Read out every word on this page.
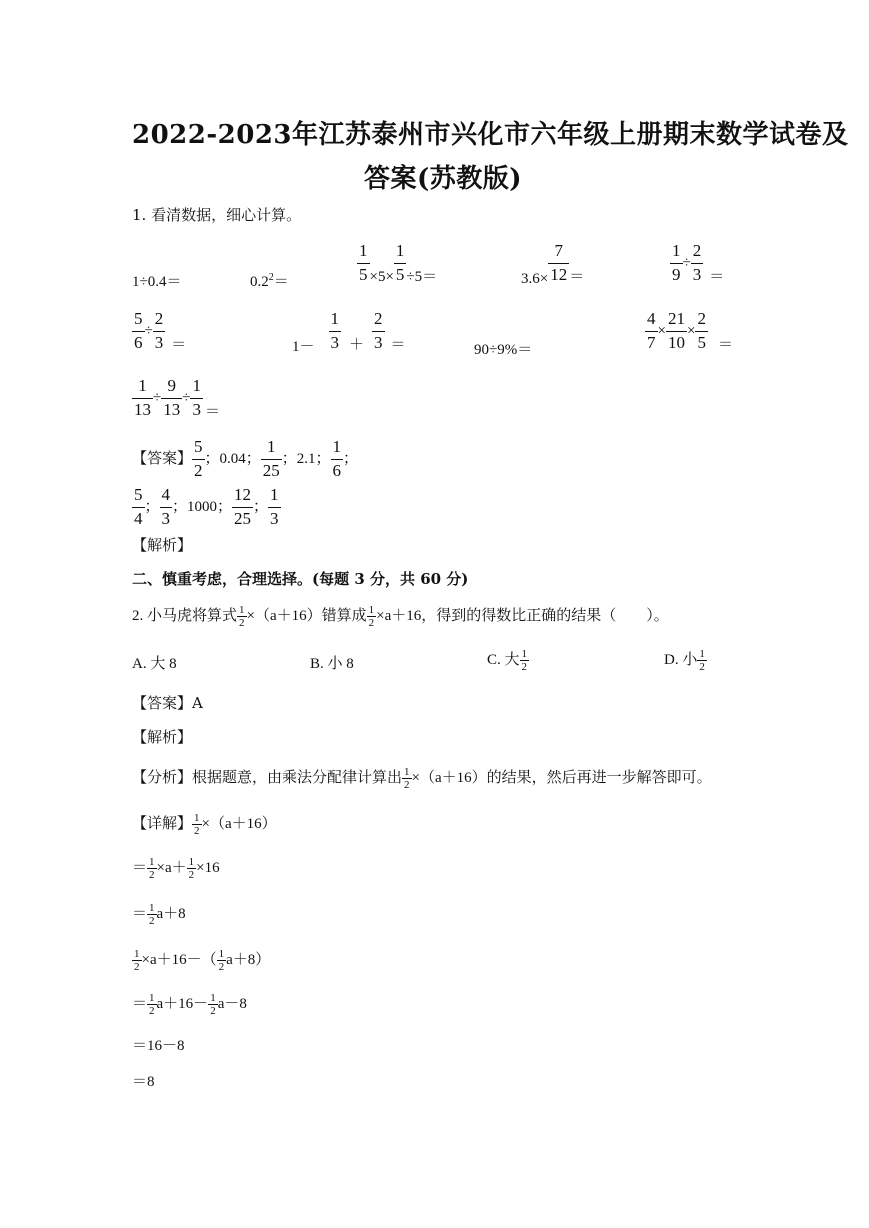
2022-2023年江苏泰州市兴化市六年级上册期末数学试卷及
答案(苏教版)
1. 看清数据，细心计算。
1÷0.4＝	$0.2^2=$	$\frac{1}{5} \times 5\times \frac{1}{5} \div 5=$	$3.6\times \frac{7}{12}$ ＝	$\frac{1}{9} \div \frac{2}{3}$ ＝
$\frac{5}{6} \div \frac{2}{3}$ ＝	$1- \frac{1}{3} + \frac{2}{3}$ ＝	90÷9%＝	$\frac{4}{7} \times \frac{21}{10} \times \frac{2}{5}$ ＝
$\frac{1}{13} \div \frac{9}{13} \div \frac{1}{3}$ ＝
【答案】 $\frac{5}{2}$ ；0.04； $\frac{1}{25}$ ；2.1； $\frac{1}{6}$ ；
$\frac{5}{4}$ ； $\frac{4}{3}$ ；1000； $\frac{12}{25}$ ； $\frac{1}{3}$
【解析】
二、慎重考虑，合理选择。(每题 3 分，共 60 分)
2. 小马虎将算式 $\frac{1}{2} \times(a+16)$错算成 $\frac{1}{2} \times a+16$，得到的得数比正确的结果（　　）。
A. 大 8	B. 小 8	C. 大 $\frac{1}{2}$	D. 小 $\frac{1}{2}$
【答案】A
【解析】
【分析】根据题意，由乘法分配律计算出 $\frac{1}{2} \times(a+16)$的结果，然后再进一步解答即可。
【详解】 $\frac{1}{2} \times(a+16)$
＝ $\frac{1}{2} \times a+ \frac{1}{2} \times 16$
＝ $\frac{1}{2} a+8$
$\frac{1}{2} \times a+16-( \frac{1}{2} a+8)$
＝ $\frac{1}{2} a+16- \frac{1}{2} a-8$
＝16－8
＝8
